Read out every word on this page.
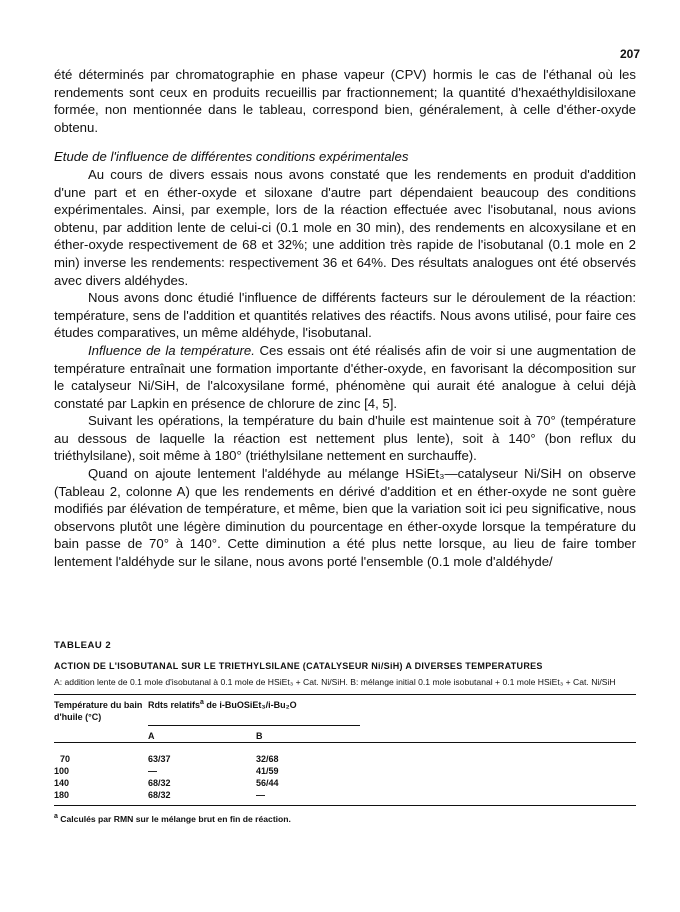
207

été déterminés par chromatographie en phase vapeur (CPV) hormis le cas de l'éthanal où les rendements sont ceux en produits recueillis par fractionnement; la quantité d'hexaéthyldisiloxane formée, non mentionnée dans le tableau, correspond bien, généralement, à celle d'éther-oxyde obtenu.

Etude de l'influence de différentes conditions expérimentales

Au cours de divers essais nous avons constaté que les rendements en produit d'addition d'une part et en éther-oxyde et siloxane d'autre part dépendaient beaucoup des conditions expérimentales. Ainsi, par exemple, lors de la réaction effectuée avec l'isobutanal, nous avions obtenu, par addition lente de celui-ci (0.1 mole en 30 min), des rendements en alcoxysilane et en éther-oxyde respectivement de 68 et 32%; une addition très rapide de l'isobutanal (0.1 mole en 2 min) inverse les rendements: respectivement 36 et 64%. Des résultats analogues ont été observés avec divers aldéhydes.

Nous avons donc étudié l'influence de différents facteurs sur le déroulement de la réaction: température, sens de l'addition et quantités relatives des réactifs. Nous avons utilisé, pour faire ces études comparatives, un même aldéhyde, l'isobutanal.

Influence de la température. Ces essais ont été réalisés afin de voir si une augmentation de température entraînait une formation importante d'éther-oxyde, en favorisant la décomposition sur le catalyseur Ni/SiH, de l'alcoxysilane formé, phénomène qui aurait été analogue à celui déjà constaté par Lapkin en présence de chlorure de zinc [4, 5].

Suivant les opérations, la température du bain d'huile est maintenue soit à 70° (température au dessous de laquelle la réaction est nettement plus lente), soit à 140° (bon reflux du triéthylsilane), soit même à 180° (triéthylsilane nettement en surchauffe).

Quand on ajoute lentement l'aldéhyde au mélange HSiEt₃—catalyseur Ni/SiH on observe (Tableau 2, colonne A) que les rendements en dérivé d'addition et en éther-oxyde ne sont guère modifiés par élévation de température, et même, bien que la variation soit ici peu significative, nous observons plutôt une légère diminution du pourcentage en éther-oxyde lorsque la température du bain passe de 70° à 140°. Cette diminution a été plus nette lorsque, au lieu de faire tomber lentement l'aldéhyde sur le silane, nous avons porté l'ensemble (0.1 mole d'aldéhyde/

TABLEAU 2

ACTION DE L'ISOBUTANAL SUR LE TRIETHYLSILANE (CATALYSEUR Ni/SiH) A DIVERSES TEMPERATURES

A: addition lente de 0.1 mole d'isobutanal à 0.1 mole de HSiEt₃ + Cat. Ni/SiH. B: mélange initial 0.1 mole isobutanal + 0.1 mole HSiEt₃ + Cat. Ni/SiH

Température du bain d'huile (°C)	Rdts relatifs$^a$ de i-BuOSiEt₃/i-Bu₂O	

	A B	

70	63/37	32/68
100	—	41/59
140	68/32	56/44
180	68/32	—
$^a$ Calculés par RMN sur le mélange brut en fin de réaction.
